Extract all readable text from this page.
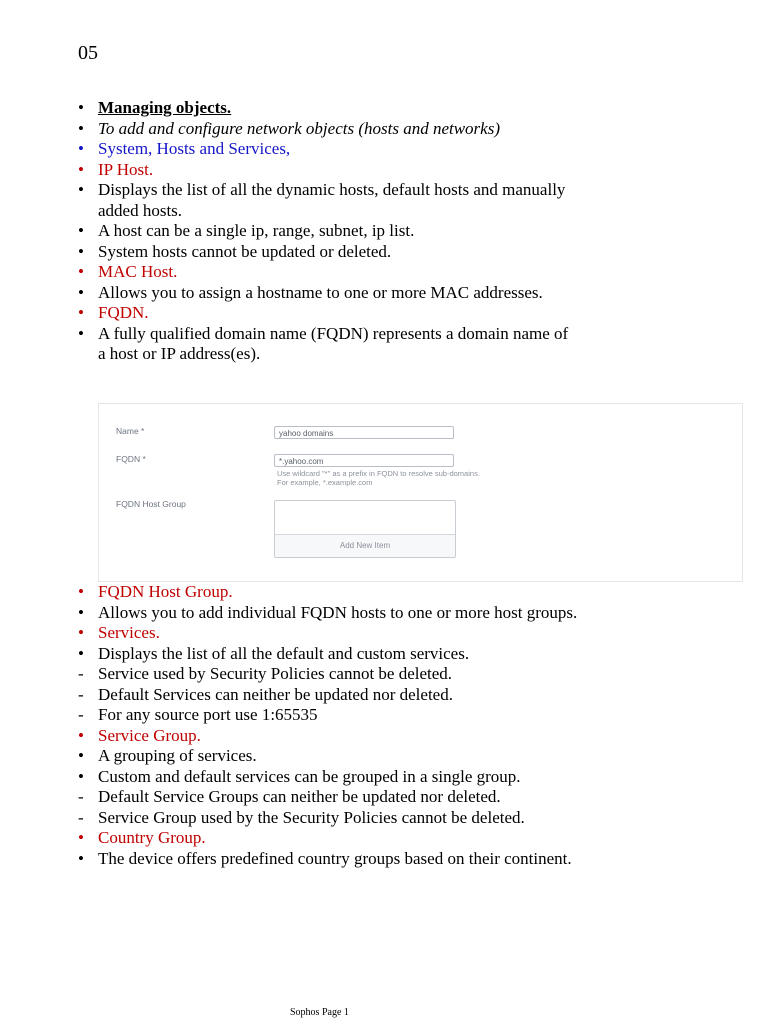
05
•
Managing objects.
•
To add and configure network objects (hosts and networks)
•
System, Hosts and Services,
•
IP Host.
•
Displays the list of all the dynamic hosts, default hosts and manually added hosts.
•
A host can be a single ip, range, subnet, ip list.
•
System hosts cannot be updated or deleted.
•
MAC Host.
•
Allows you to assign a hostname to one or more MAC addresses.
•
FQDN.
•
A fully qualified domain name (FQDN) represents a domain name of a host or IP address(es).
Name *	yahoo domains
FQDN *	*.yahoo.com
Use wildcard "*" as a prefix in FQDN to resolve sub-domains.
For example, *.example.com
FQDN Host Group
Add New Item
•
FQDN Host Group.
•
Allows you to add individual FQDN hosts to one or more host groups.
•
Services.
•
Displays the list of all the default and custom services.
-
Service used by Security Policies cannot be deleted.
-
Default Services can neither be updated nor deleted.
-
For any source port use 1:65535
•
Service Group.
•
A grouping of services.
•
Custom and default services can be grouped in a single group.
-
Default Service Groups can neither be updated nor deleted.
-
Service Group used by the Security Policies cannot be deleted.
•
Country Group.
•
The device offers predefined country groups based on their continent.
Sophos Page 1
